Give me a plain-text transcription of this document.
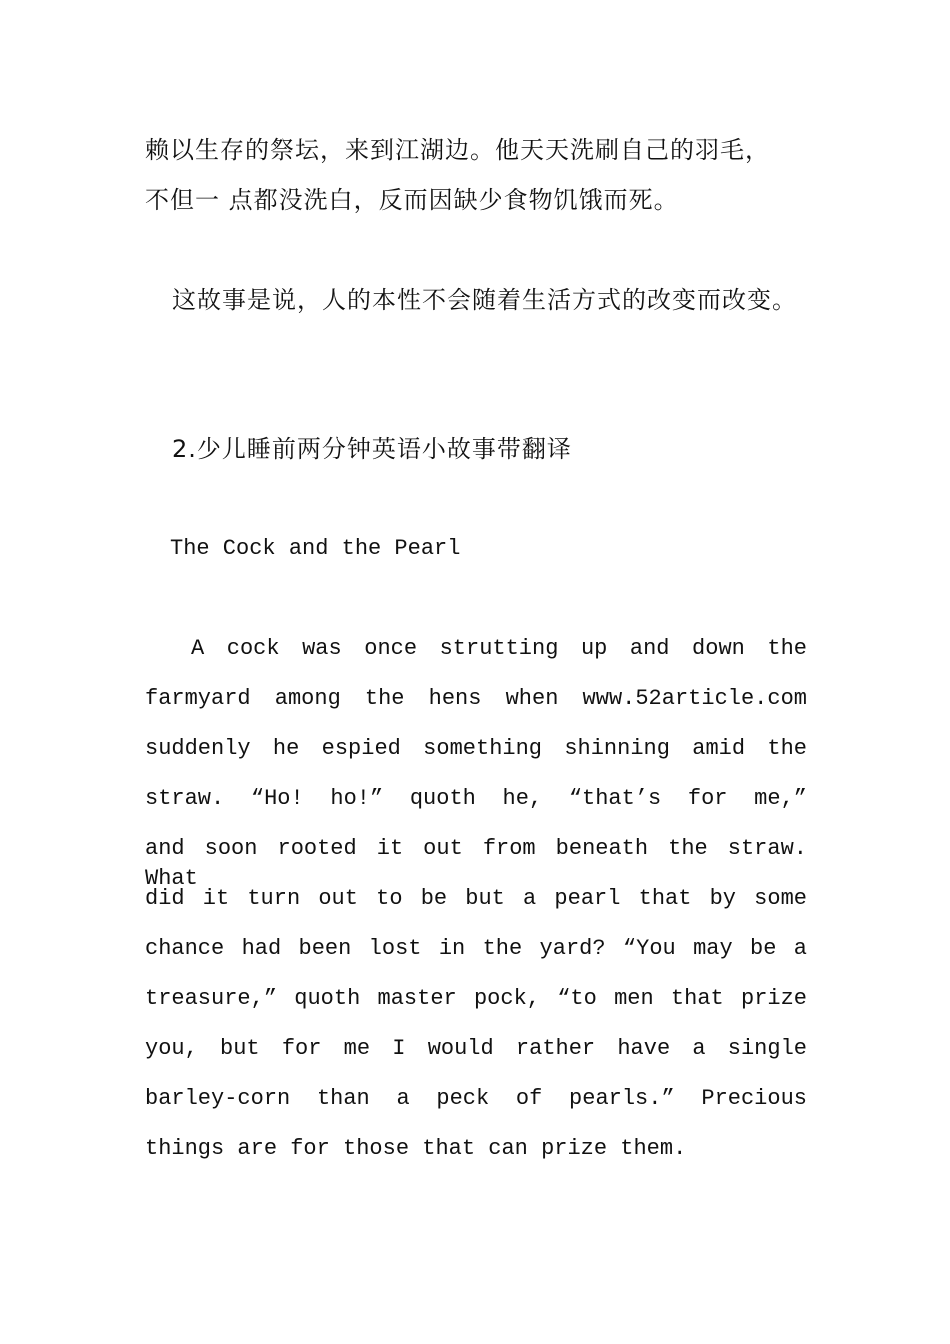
赖以生存的祭坛，来到江湖边。他天天洗刷自己的羽毛，
不但一 点都没洗白，反而因缺少食物饥饿而死。
这故事是说，人的本性不会随着生活方式的改变而改变。
2.少儿睡前两分钟英语小故事带翻译
The Cock and the Pearl
A cock was once strutting up and down the
farmyard among the hens when www.52article.com
suddenly he espied something shinning amid the
straw. “Ho! ho!” quoth he, “that’s for me,”
and soon rooted it out from beneath the straw. What
did it turn out to be but a pearl that by some
chance had been lost in the yard? “You may be a
treasure,” quoth master pock, “to men that prize
you, but for me I would rather have a single
barley-corn than a peck of pearls.” Precious
things are for those that can prize them.
